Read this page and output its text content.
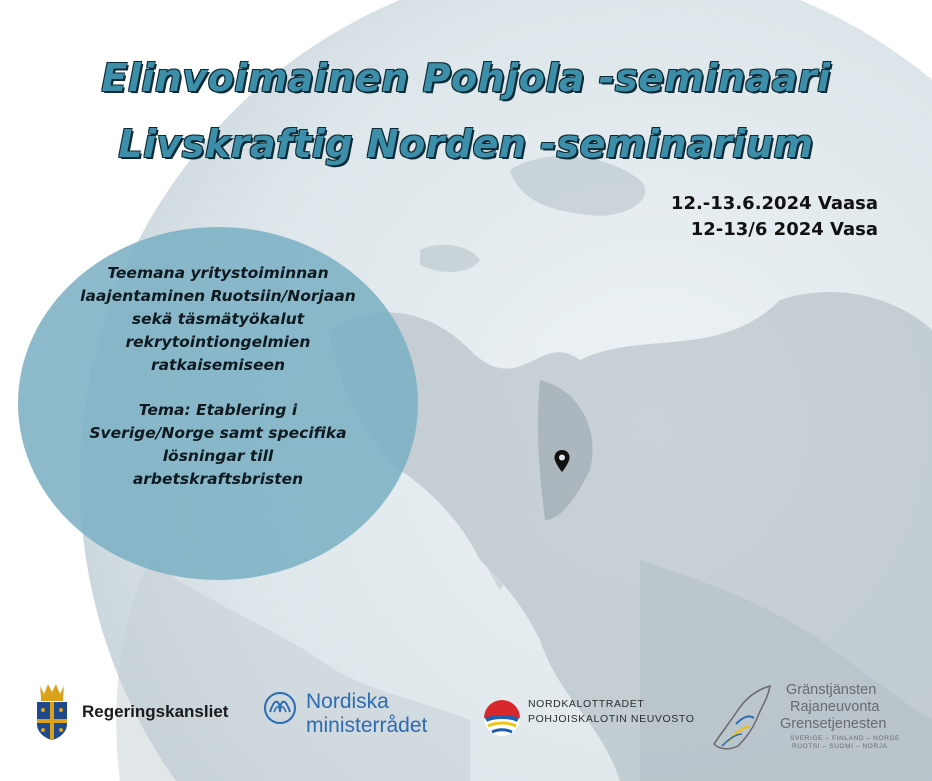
Elinvoimainen Pohjola -seminaari
Livskraftig Norden -seminarium
12.-13.6.2024 Vaasa
12-13/6 2024 Vasa

Teemana yritystoiminnan

laajentaminen Ruotsiin/Norjaan

sekä täsmätyökalut

rekrytointiongelmien

ratkaisemiseen

Tema: Etablering i

Sverige/Norge samt specifika

lösningar till

arbetskraftsbristen

Regeringskansliet	Nordiska
ministerrådet
NORDKALOTTRADET
POHJOISKALOTIN NEUVOSTO
Gränstjänsten
Rajaneuvonta
Grensetjenesten
SVERIGE – FINLAND – NORGE
RUOTSI – SUOMI – NORJA
